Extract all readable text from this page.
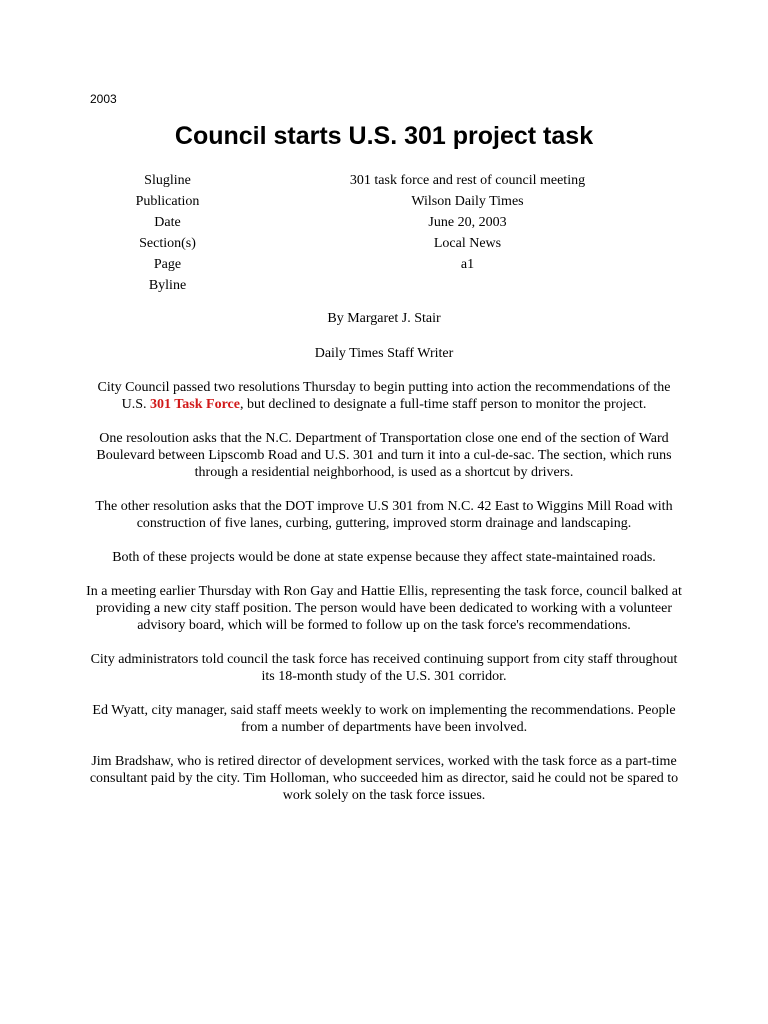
2003
Council starts U.S. 301 project task
Slugline	301 task force and rest of council meeting
Publication	Wilson Daily Times
Date	June 20, 2003
Section(s)	Local News
Page	a1
Byline	

By Margaret J. Stair

Daily Times Staff Writer

City Council passed two resolutions Thursday to begin putting into action the recommendations of the U.S. 301 Task Force, but declined to designate a full-time staff person to monitor the project.

One resoloution asks that the N.C. Department of Transportation close one end of the section of Ward Boulevard between Lipscomb Road and U.S. 301 and turn it into a cul-de-sac. The section, which runs through a residential neighborhood, is used as a shortcut by drivers.

The other resolution asks that the DOT improve U.S 301 from N.C. 42 East to Wiggins Mill Road with construction of five lanes, curbing, guttering, improved storm drainage and landscaping.

Both of these projects would be done at state expense because they affect state-maintained roads.

In a meeting earlier Thursday with Ron Gay and Hattie Ellis, representing the task force, council balked at providing a new city staff position. The person would have been dedicated to working with a volunteer advisory board, which will be formed to follow up on the task force's recommendations.

City administrators told council the task force has received continuing support from city staff throughout its 18-month study of the U.S. 301 corridor.

Ed Wyatt, city manager, said staff meets weekly to work on implementing the recommendations. People from a number of departments have been involved.

Jim Bradshaw, who is retired director of development services, worked with the task force as a part-time consultant paid by the city. Tim Holloman, who succeeded him as director, said he could not be spared to work solely on the task force issues.
